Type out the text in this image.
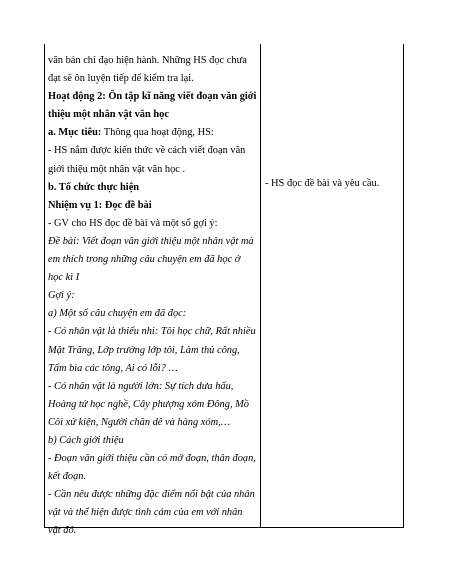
văn bản chỉ đạo hiện hành. Những HS đọc chưa
đạt sẽ ôn luyện tiếp để kiểm tra lại.
Hoạt động 2: Ôn tập kĩ năng viết đoạn văn giới
thiệu một nhân vật văn học
a. Mục tiêu: Thông qua hoạt động, HS:
- HS nắm được kiến thức về cách viết đoạn văn
giới thiệu một nhân vật văn học .
b. Tổ chức thực hiện
Nhiệm vụ 1: Đọc đề bài
- GV cho HS đọc đề bài và một số gợi ý:
Đề bài: Viết đoạn văn giới thiệu một nhân vật mà
em thích trong những câu chuyện em đã học ở
học kì I
Gợi ý:
a) Một số câu chuyện em đã đọc:
- Có nhân vật là thiếu nhi: Tôi học chữ, Rất nhiều
Mặt Trăng, Lớp trưởng lớp tôi, Làm thủ công,
Tấm bìa các tông, Ai có lỗi? …
- Có nhân vật là người lớn: Sự tích dưa hấu,
Hoàng tử học nghề, Cây phượng xóm Đông, Mồ
Côi xử kiện, Người chăn dê và hàng xóm,…
b) Cách giới thiệu
- Đoạn văn giới thiệu cần có mở đoạn, thân đoạn,
kết đoạn.
- Cần nêu được những đặc điểm nổi bật của nhân
vật và thể hiện được tình cảm của em với nhân
vật đó.
- HS đọc đề bài và yêu cầu.
